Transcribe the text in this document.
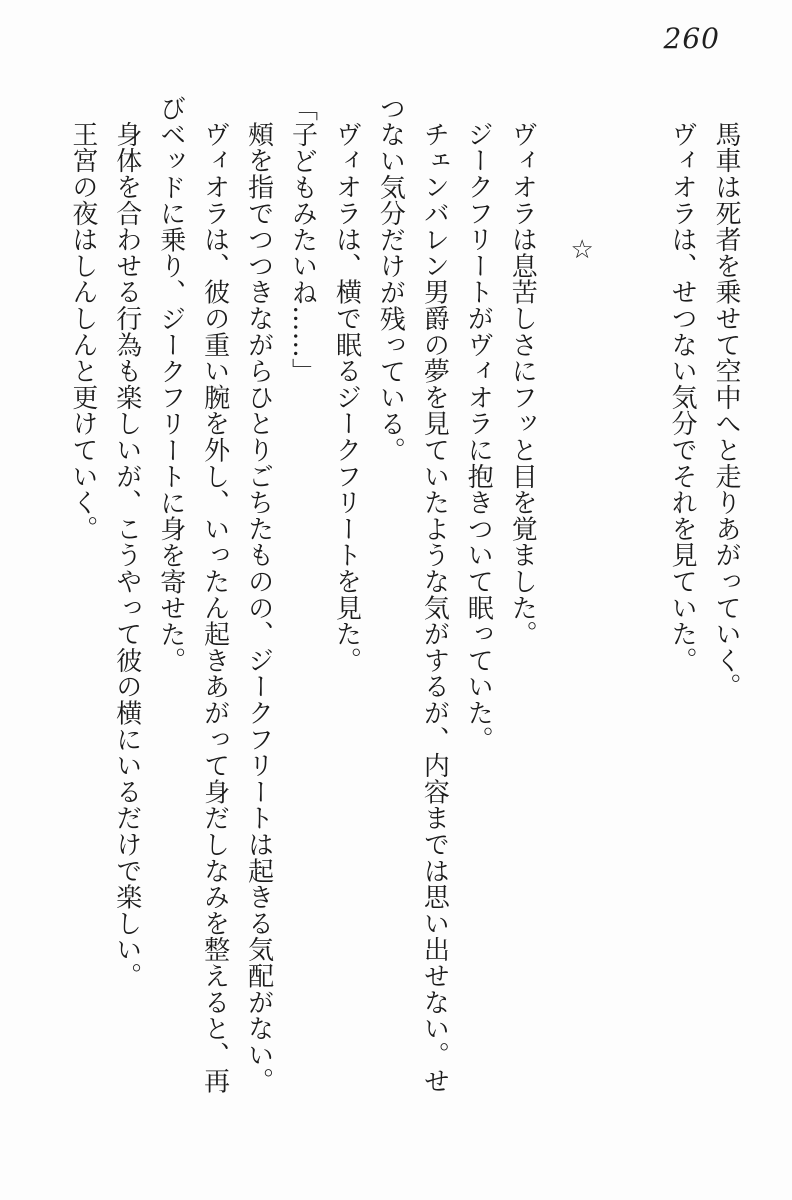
260

馬車は死者を乗せて空中へと走りあがっていく。

ヴィオラは、せつない気分でそれを見ていた。

☆

ヴィオラは息苦しさにフッと目を覚ました。

ジークフリートがヴィオラに抱きついて眠っていた。

チェンバレン男爵の夢を見ていたような気がするが、内容までは思い出せない。せつない気分だけが残っている。

ヴィオラは、横で眠るジークフリートを見た。

「子どもみたいね……」

頰を指でつつきながらひとりごちたものの、ジークフリートは起きる気配がない。

ヴィオラは、彼の重い腕を外し、いったん起きあがって身だしなみを整えると、再びベッドに乗り、ジークフリートに身を寄せた。

身体を合わせる行為も楽しいが、こうやって彼の横にいるだけで楽しい。

王宮の夜はしんしんと更けていく。
